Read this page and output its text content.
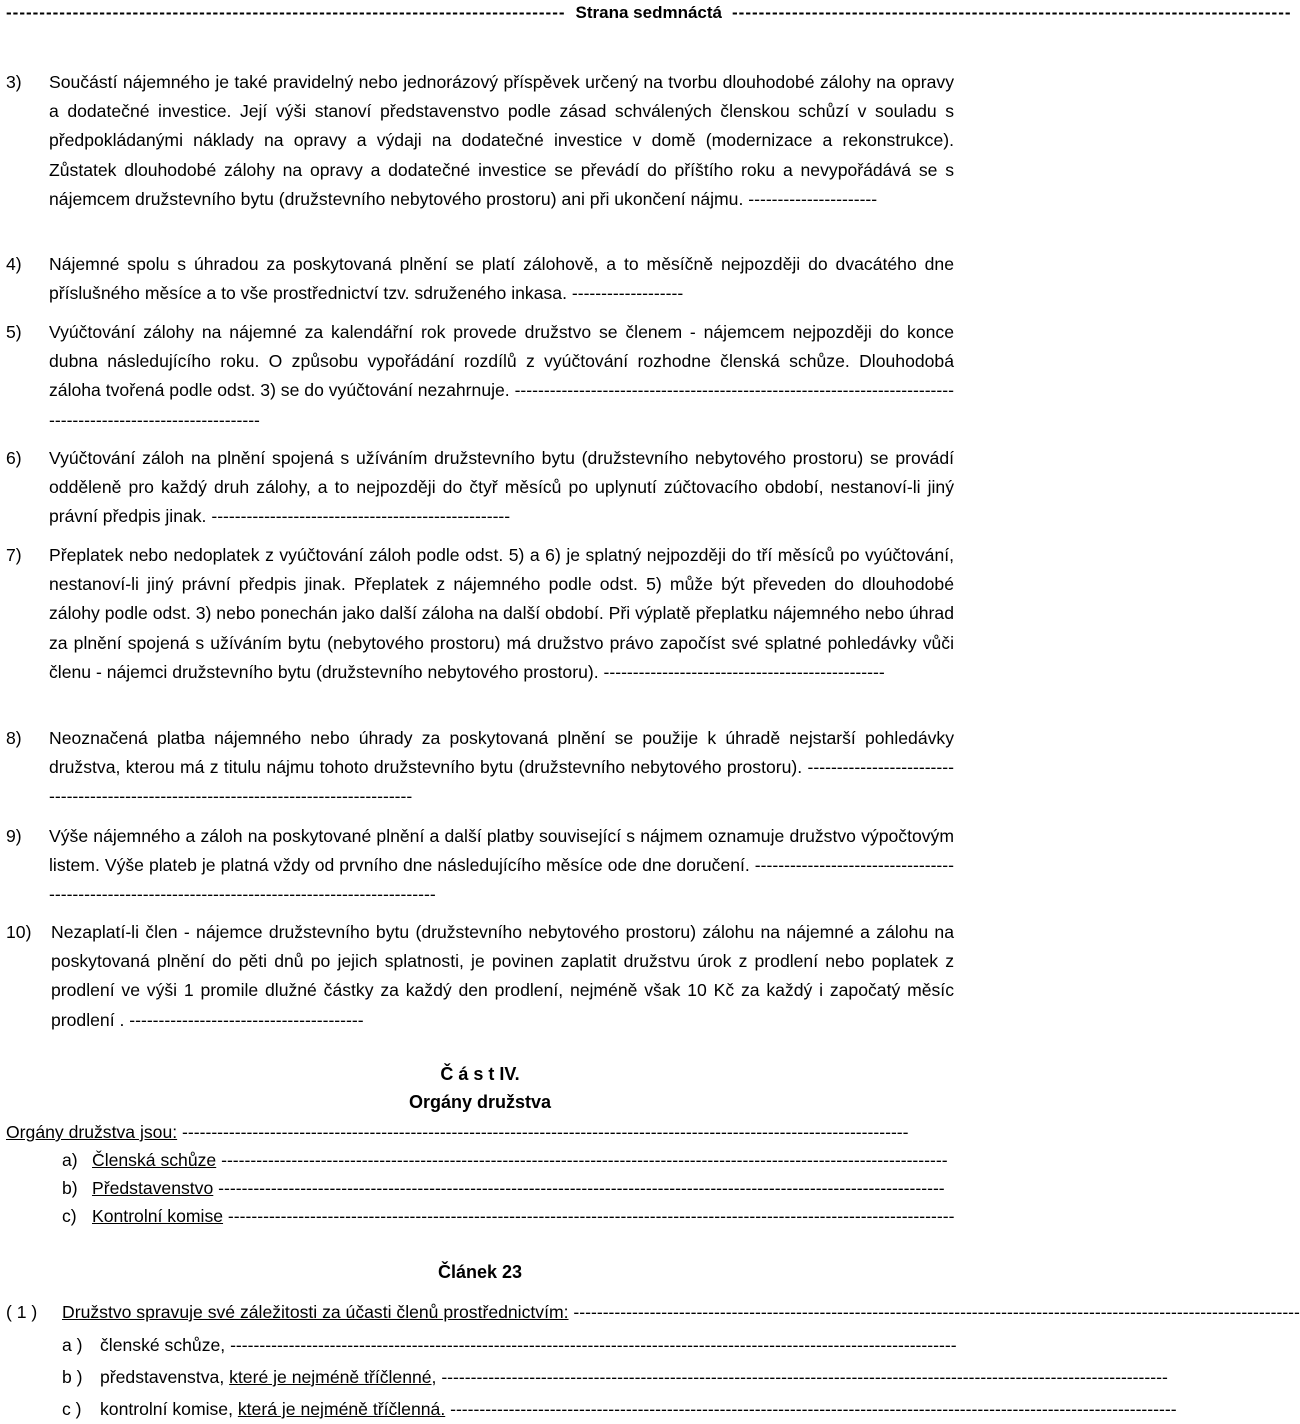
------------------------------------------------------------------------------------ Strana sedmnáctá ------------------------------------------------------------------------------------
3)	Součástí nájemného je také pravidelný nebo jednorázový příspěvek určený na tvorbu dlouhodobé zálohy na opravy a dodatečné investice. Její výši stanoví představenstvo podle zásad schválených členskou schůzí v souladu s předpokládanými náklady na opravy a výdaji na dodatečné investice v domě (modernizace a rekonstrukce). Zůstatek dlouhodobé zálohy na opravy a dodatečné investice se převádí do příštího roku a nevypořádává se s nájemcem družstevního bytu (družstevního nebytového prostoru) ani při ukončení nájmu. ----------------------
4)	Nájemné spolu s úhradou za poskytovaná plnění se platí zálohově, a to měsíčně nejpozději do dvacátého dne příslušného měsíce a to vše prostřednictví tzv. sdruženého inkasa. -------------------
5)	Vyúčtování zálohy na nájemné za kalendářní rok provede družstvo se členem - nájemcem nejpozději do konce dubna následujícího roku. O způsobu vypořádání rozdílů z vyúčtování rozhodne členská schůze. Dlouhodobá záloha tvořená podle odst. 3) se do vyúčtování nezahrnuje. ---------------------------------------------------------------------------------------------------------------
6)	Vyúčtování záloh na plnění spojená s užíváním družstevního bytu (družstevního nebytového prostoru) se provádí odděleně pro každý druh zálohy, a to nejpozději do čtyř měsíců po uplynutí zúčtovacího období, nestanoví-li jiný právní předpis jinak. ---------------------------------------------------
7)	Přeplatek nebo nedoplatek z vyúčtování záloh podle odst. 5) a 6) je splatný nejpozději do tří měsíců po vyúčtování, nestanoví-li jiný právní předpis jinak. Přeplatek z nájemného podle odst. 5) může být převeden do dlouhodobé zálohy podle odst. 3) nebo ponechán jako další záloha na další období. Při výplatě přeplatku nájemného nebo úhrad za plnění spojená s užíváním bytu (nebytového prostoru) má družstvo právo započíst své splatné pohledávky vůči členu - nájemci družstevního bytu (družstevního nebytového prostoru). ------------------------------------------------
8)	Neoznačená platba nájemného nebo úhrady za poskytovaná plnění se použije k úhradě nejstarší pohledávky družstva, kterou má z titulu nájmu tohoto družstevního bytu (družstevního nebytového prostoru). ---------------------------------------------------------------------------------------
9)	Výše nájemného a záloh na poskytované plnění a další platby související s nájmem oznamuje družstvo výpočtovým listem. Výše plateb je platná vždy od prvního dne následujícího měsíce ode dne doručení. ----------------------------------------------------------------------------------------------------
10)	Nezaplatí-li člen - nájemce družstevního bytu (družstevního nebytového prostoru) zálohu na nájemné a zálohu na poskytovaná plnění do pěti dnů po jejich splatnosti, je povinen zaplatit družstvu úrok z prodlení nebo poplatek z prodlení ve výši 1 promile dlužné částky za každý den prodlení, nejméně však 10 Kč za každý i započatý měsíc prodlení . ----------------------------------------
Č á s t IV.
Orgány družstva
Orgány družstva jsou: ----------------------------------------------------------------------------------------------------------------------------
a) Členská schůze ----------------------------------------------------------------------------------------------------------------------------
b) Představenstvo ----------------------------------------------------------------------------------------------------------------------------
c) Kontrolní komise ----------------------------------------------------------------------------------------------------------------------------
Článek 23
( 1 )	Družstvo spravuje své záležitosti za účasti členů prostřednictvím: ----------------------------------------------------------------------------------------------------------------------------
a ) členské schůze, ----------------------------------------------------------------------------------------------------------------------------
b ) představenstva,
které je nejméně tříčlenné, ----------------------------------------------------------------------------------------------------------------------------
c )	kontrolní komise,
která je nejméně tříčlenná. ----------------------------------------------------------------------------------------------------------------------------
